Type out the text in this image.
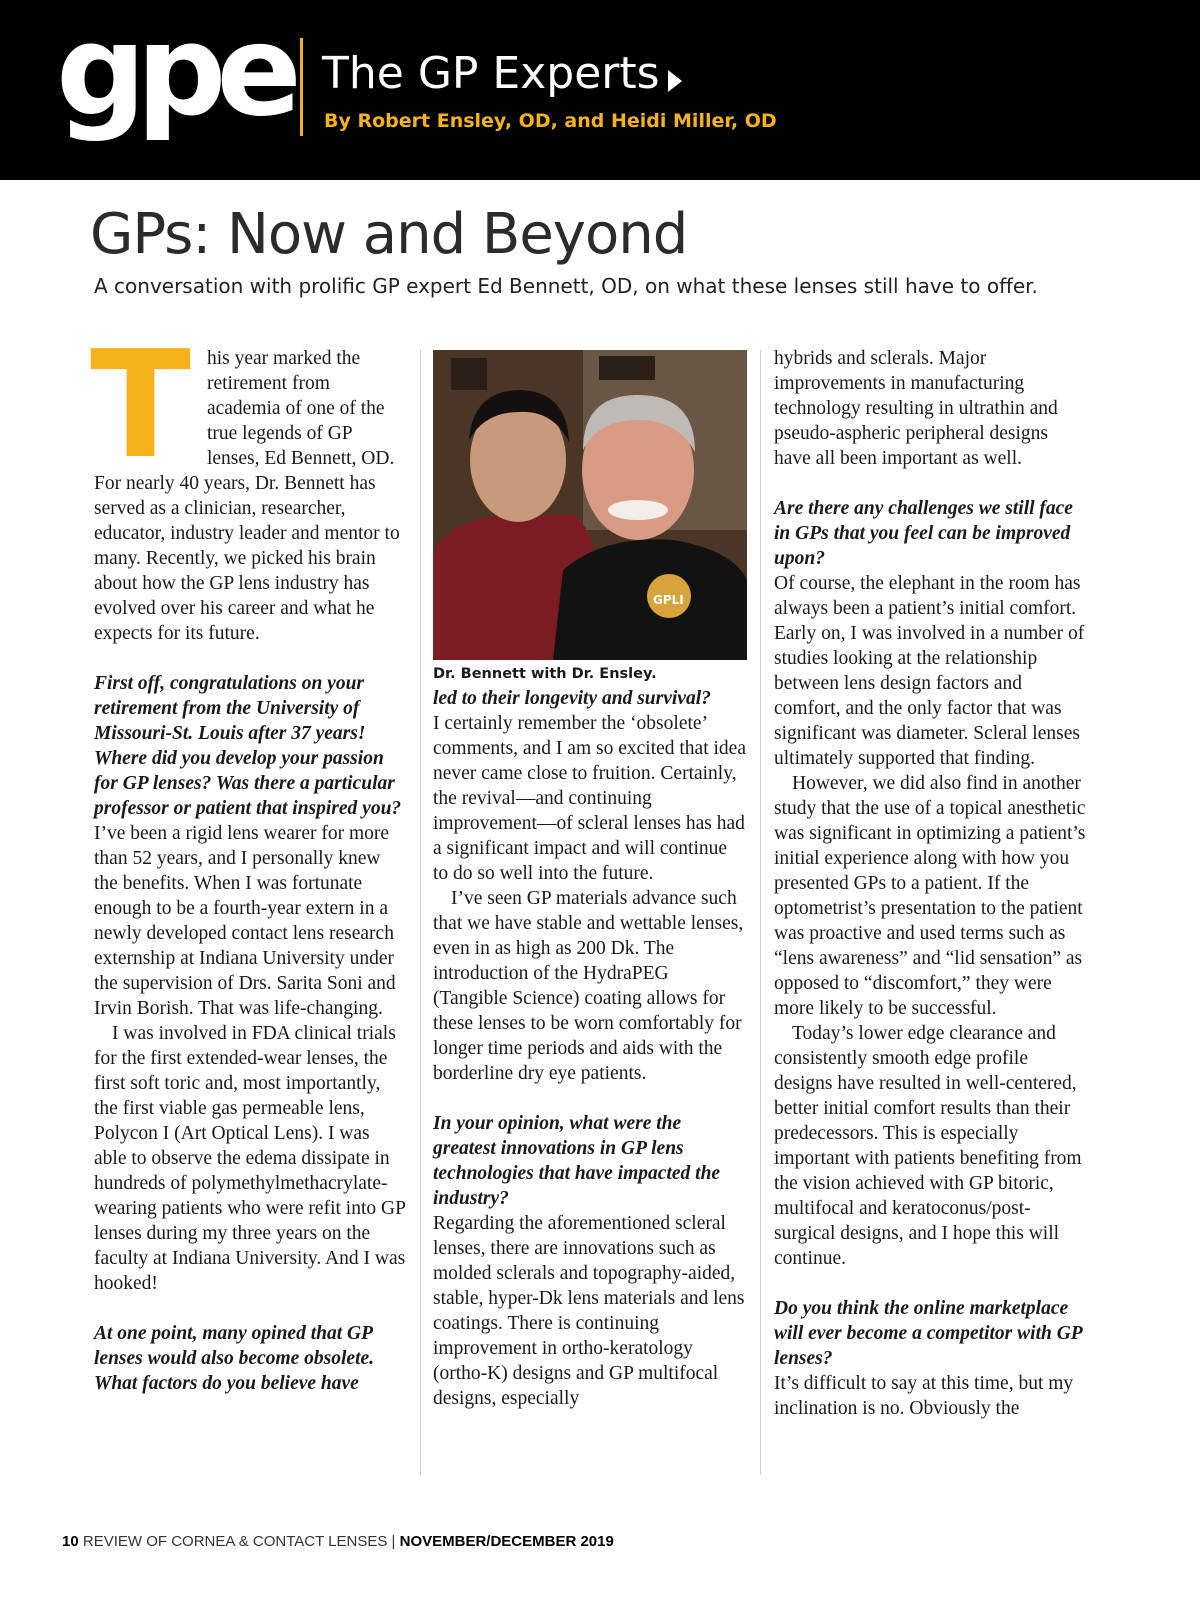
gpe The GP Experts

By Robert Ensley, OD, and Heidi Miller, OD

GPs: Now and Beyond

A conversation with prolific GP expert Ed Bennett, OD, on what these lenses still have to offer.

T his year marked the retirement from academia of one of the true legends of GP lenses, Ed Bennett, OD. For nearly 40 years, Dr. Bennett has served as a clinician, researcher, educator, industry leader and mentor to many. Recently, we picked his brain about how the GP lens industry has evolved over his career and what he expects for its future.

First off, congratulations on your retirement from the University of Missouri-St. Louis after 37 years! Where did you develop your passion for GP lenses? Was there a particular professor or patient that inspired you?

I’ve been a rigid lens wearer for more than 52 years, and I personally knew the benefits. When I was fortunate enough to be a fourth-year extern in a newly developed contact lens research externship at Indiana University under the supervision of Drs. Sarita Soni and Irvin Borish. That was life-changing.

I was involved in FDA clinical trials for the first extended-wear lenses, the first soft toric and, most importantly, the first viable gas permeable lens, Polycon I (Art Optical Lens). I was able to observe the edema dissipate in hundreds of polymethylmethacrylate-wearing patients who were refit into GP lenses during my three years on the faculty at Indiana University. And I was hooked!

At one point, many opined that GP lenses would also become obsolete. What factors do you believe have

GPLI

Dr. Bennett with Dr. Ensley.

led to their longevity and survival?

I certainly remember the ‘obsolete’ comments, and I am so excited that idea never came close to fruition. Certainly, the revival—and continuing improvement—of scleral lenses has had a significant impact and will continue to do so well into the future.

I’ve seen GP materials advance such that we have stable and wettable lenses, even in as high as 200 Dk. The introduction of the HydraPEG (Tangible Science) coating allows for these lenses to be worn comfortably for longer time periods and aids with the borderline dry eye patients.

In your opinion, what were the greatest innovations in GP lens technologies that have impacted the industry?

Regarding the aforementioned scleral lenses, there are innovations such as molded sclerals and topography-aided, stable, hyper-Dk lens materials and lens coatings. There is continuing improvement in ortho-keratology (ortho-K) designs and GP multifocal designs, especially

hybrids and sclerals. Major improvements in manufacturing technology resulting in ultrathin and pseudo-aspheric peripheral designs have all been important as well.

Are there any challenges we still face in GPs that you feel can be improved upon?

Of course, the elephant in the room has always been a patient’s initial comfort. Early on, I was involved in a number of studies looking at the relationship between lens design factors and comfort, and the only factor that was significant was diameter. Scleral lenses ultimately supported that finding.

However, we did also find in another study that the use of a topical anesthetic was significant in optimizing a patient’s initial experience along with how you presented GPs to a patient. If the optometrist’s presentation to the patient was proactive and used terms such as “lens awareness” and “lid sensation” as opposed to “discomfort,” they were more likely to be successful.

Today’s lower edge clearance and consistently smooth edge profile designs have resulted in well-centered, better initial comfort results than their predecessors. This is especially important with patients benefiting from the vision achieved with GP bitoric, multifocal and keratoconus/post-surgical designs, and I hope this will continue.

Do you think the online marketplace will ever become a competitor with GP lenses?

It’s difficult to say at this time, but my inclination is no. Obviously the

10 REVIEW OF CORNEA & CONTACT LENSES | NOVEMBER/DECEMBER 2019
